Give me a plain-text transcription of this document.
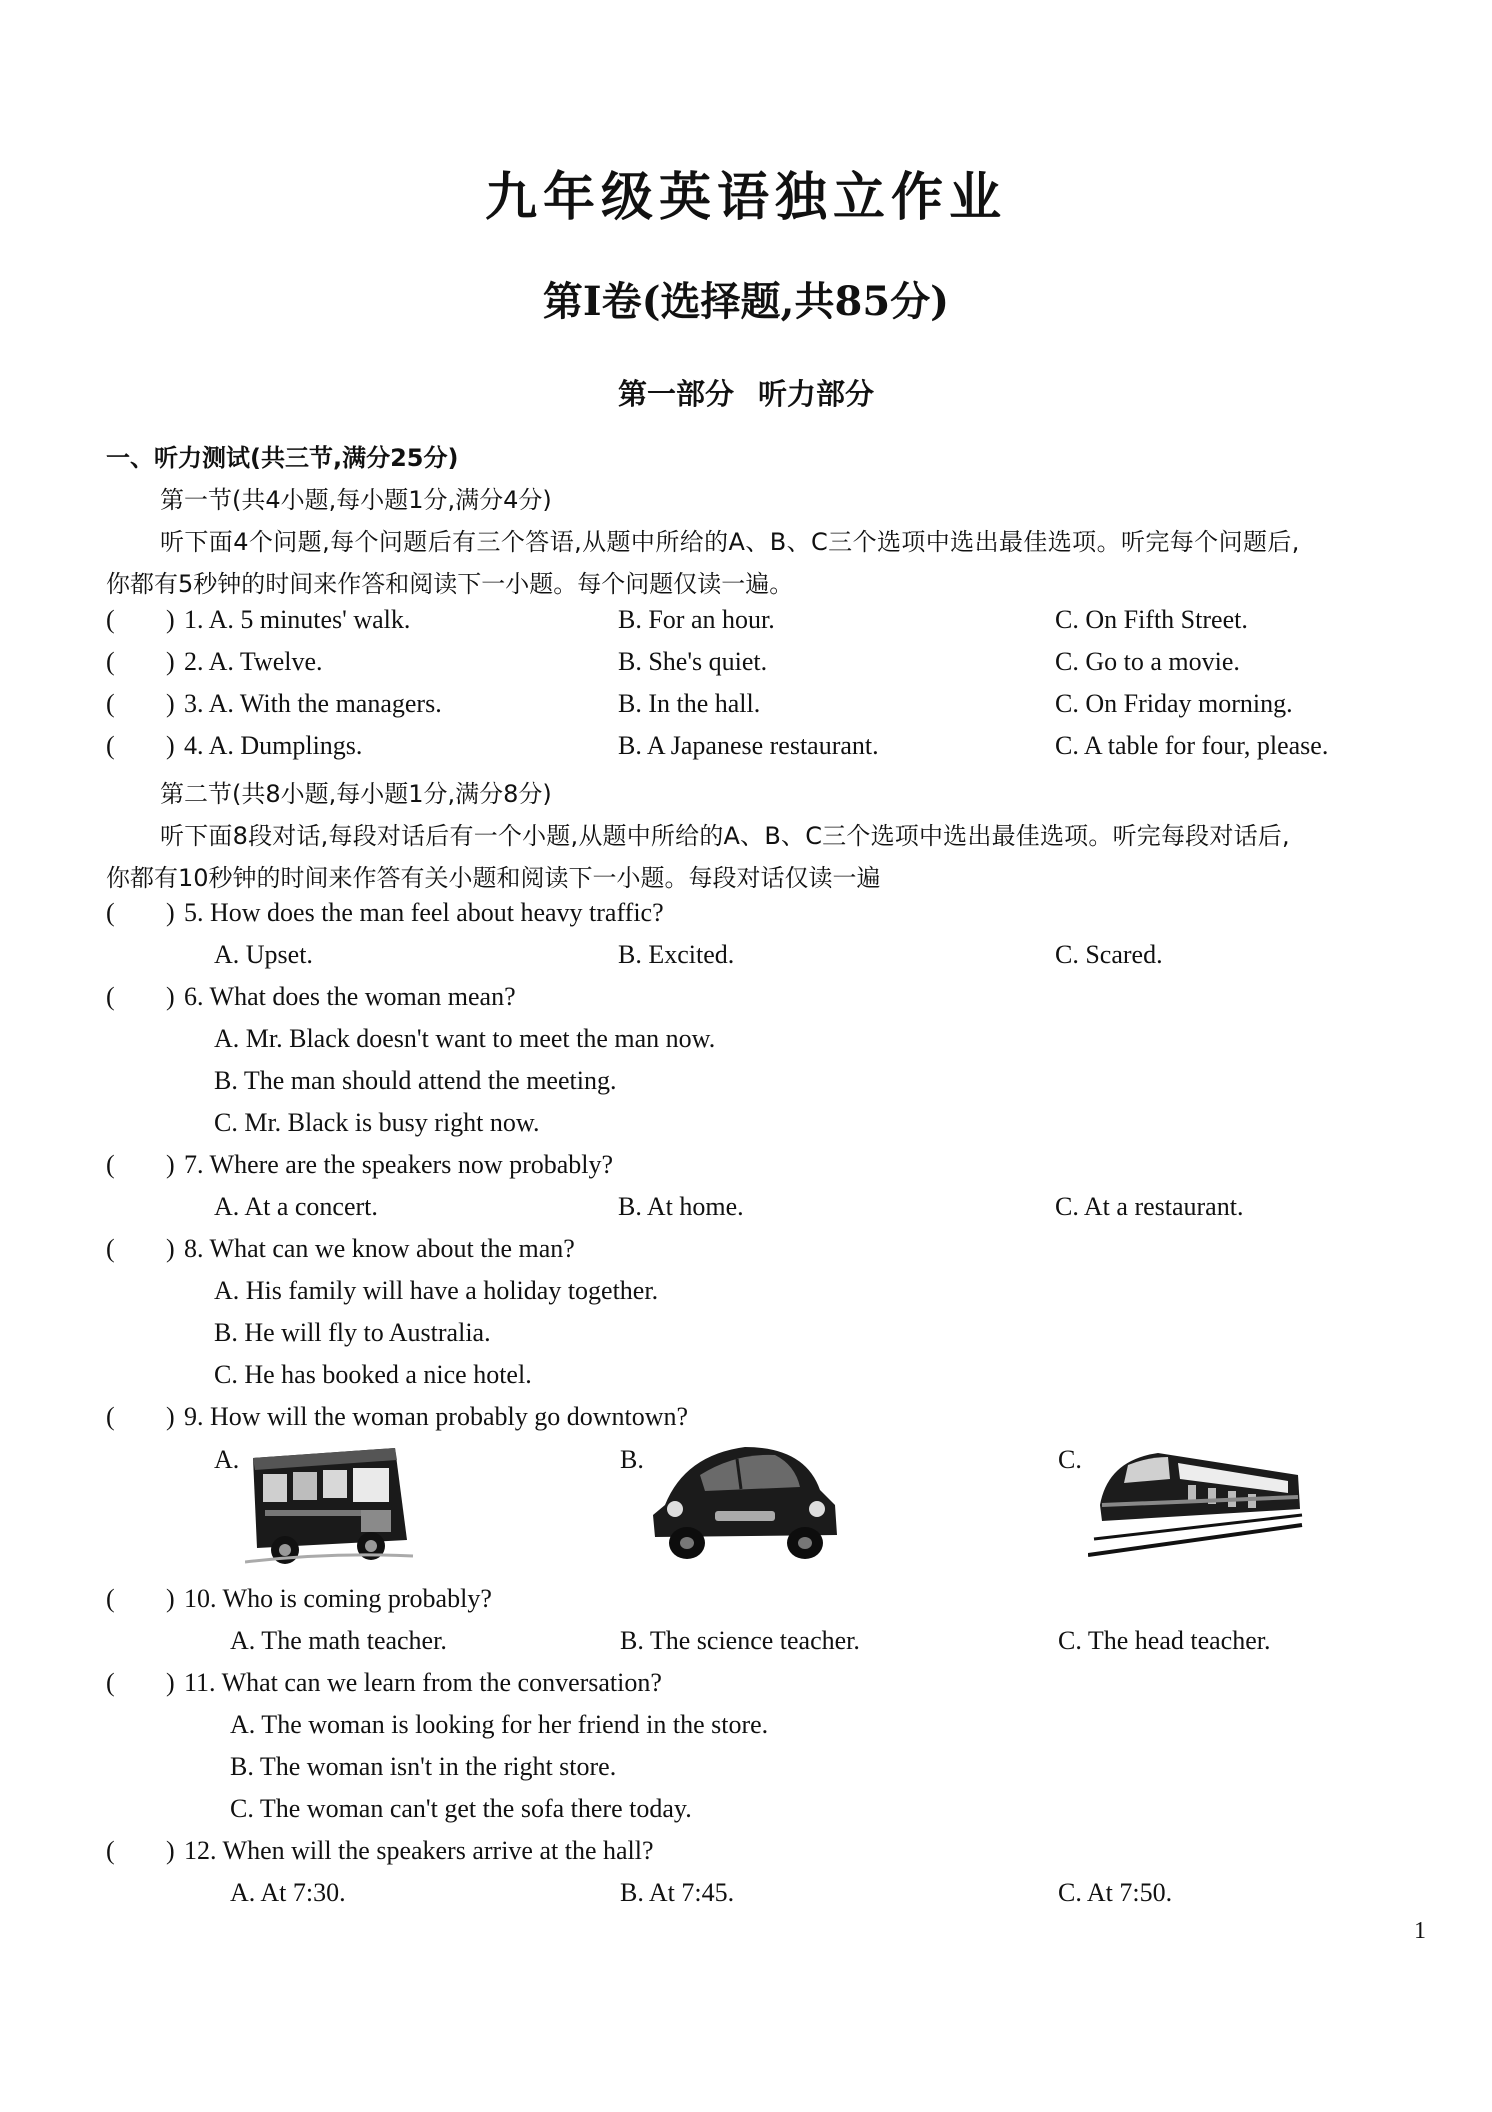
九年级英语独立作业
第I卷(选择题,共85分)
第一部分 听力部分
一、听力测试(共三节,满分25分)
第一节(共4小题,每小题1分,满分4分)
听下面4个问题,每个问题后有三个答语,从题中所给的A、B、C三个选项中选出最佳选项。听完每个问题后,
你都有5秒钟的时间来作答和阅读下一小题。每个问题仅读一遍。
( ) 1. A. 5 minutes' walk.	B. For an hour.	C. On Fifth Street.
( ) 2. A. Twelve.	B. She's quiet.	C. Go to a movie.
( ) 3. A. With the managers.	B. In the hall.	C. On Friday morning.
( ) 4. A. Dumplings.	B. A Japanese restaurant.	C. A table for four, please.
第二节(共8小题,每小题1分,满分8分)
听下面8段对话,每段对话后有一个小题,从题中所给的A、B、C三个选项中选出最佳选项。听完每段对话后,
你都有10秒钟的时间来作答有关小题和阅读下一小题。每段对话仅读一遍
( ) 5. How does the man feel about heavy traffic?
A. Upset.	B. Excited.	C. Scared.
( ) 6. What does the woman mean?
A. Mr. Black doesn't want to meet the man now.
B. The man should attend the meeting.
C. Mr. Black is busy right now.
( ) 7. Where are the speakers now probably?
A. At a concert.	B. At home.	C. At a restaurant.
( ) 8. What can we know about the man?
A. His family will have a holiday together.
B. He will fly to Australia.
C. He has booked a nice hotel.
( ) 9. How will the woman probably go downtown?
A.	B.	C.
( ) 10. Who is coming probably?
A. The math teacher.	B. The science teacher.	C. The head teacher.
( ) 11. What can we learn from the conversation?
A. The woman is looking for her friend in the store.
B. The woman isn't in the right store.
C. The woman can't get the sofa there today.
( ) 12. When will the speakers arrive at the hall?
A. At 7:30.	B. At 7:45.	C. At 7:50.
1
